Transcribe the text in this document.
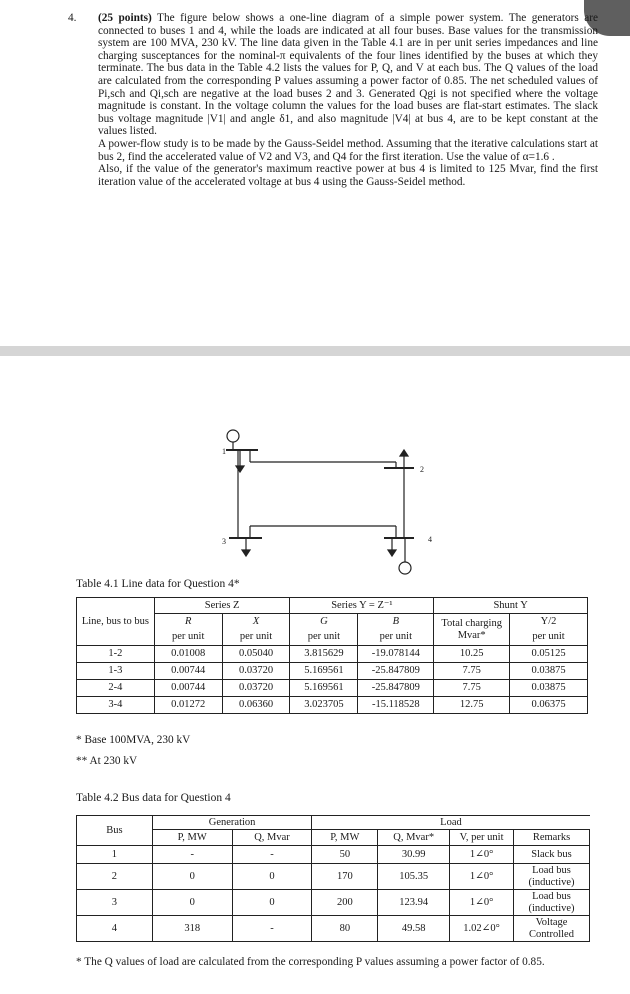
4.	(25 points) The figure below shows a one-line diagram of a simple power system. The generators are connected to buses 1 and 4, while the loads are indicated at all four buses. Base values for the transmission system are 100 MVA, 230 kV. The line data given in the Table 4.1 are in per unit series impedances and line charging susceptances for the nominal-π equivalents of the four lines identified by the buses at which they terminate. The bus data in the Table 4.2 lists the values for P, Q, and V at each bus. The Q values of the load are calculated from the corresponding P values assuming a power factor of 0.85. The net scheduled values of Pi,sch and Qi,sch are negative at the load buses 2 and 3. Generated Qgi is not specified where the voltage magnitude is constant. In the voltage column the values for the load buses are flat-start estimates. The slack bus voltage magnitude |V1| and angle δ1, and also magnitude |V4| at bus 4, are to be kept constant at the values listed.

A power-flow study is to be made by the Gauss-Seidel method. Assuming that the iterative calculations start at bus 2, find the accelerated value of V2 and V3, and Q4 for the first iteration. Use the value of α=1.6 .

Also, if the value of the generator's maximum reactive power at bus 4 is limited to 125 Mvar, find the first iteration value of the accelerated voltage at bus 4 using the Gauss-Seidel method.

1
2
3	4
Table 4.1 Line data for Question 4*
Line, bus to bus	Series Z		Series Y = Z⁻¹		Shunt Y	
	R	X	G	B	Total charging Mvar*	Y/2
	per unit	per unit	per unit	per unit		per unit
1-2	0.01008	0.05040	3.815629	-19.078144	10.25	0.05125
1-3	0.00744	0.03720	5.169561	-25.847809	7.75	0.03875
2-4	0.00744	0.03720	5.169561	-25.847809	7.75	0.03875
3-4	0.01272	0.06360	3.023705	-15.118528	12.75	0.06375
* Base 100MVA, 230 kV
** At 230 kV
Table 4.2 Bus data for Question 4
Bus	Generation		Load			
	P, MW	Q, Mvar	P, MW	Q, Mvar*	V, per unit	Remarks
1	-	-	50	30.99	1∠0°	Slack bus
2	0	0	170	105.35	1∠0°	Load bus (inductive)
3	0	0	200	123.94	1∠0°	Load bus (inductive)
4	318	-	80	49.58	1.02∠0°	Voltage Controlled
* The Q values of load are calculated from the corresponding P values assuming a power factor of 0.85.
